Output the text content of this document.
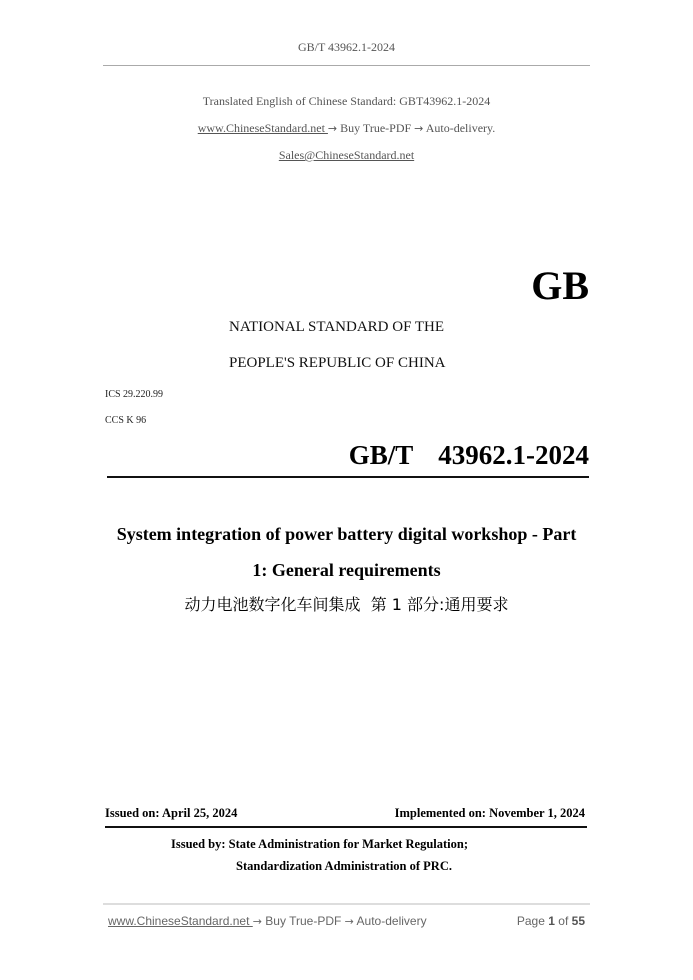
GB/T 43962.1-2024
Translated English of Chinese Standard: GBT43962.1-2024
www.ChineseStandard.net → Buy True-PDF → Auto-delivery.
Sales@ChineseStandard.net
GB
NATIONAL STANDARD OF THE
PEOPLE'S REPUBLIC OF CHINA
ICS 29.220.99
CCS K 96
GB/T  43962.1-2024
System integration of power battery digital workshop - Part
1: General requirements
动力电池数字化车间集成  第 1 部分:通用要求
Issued on: April 25, 2024	Implemented on: November 1, 2024
Issued by: State Administration for Market Regulation;
Standardization Administration of PRC.
www.ChineseStandard.net → Buy True-PDF → Auto-delivery	Page 1 of 55
